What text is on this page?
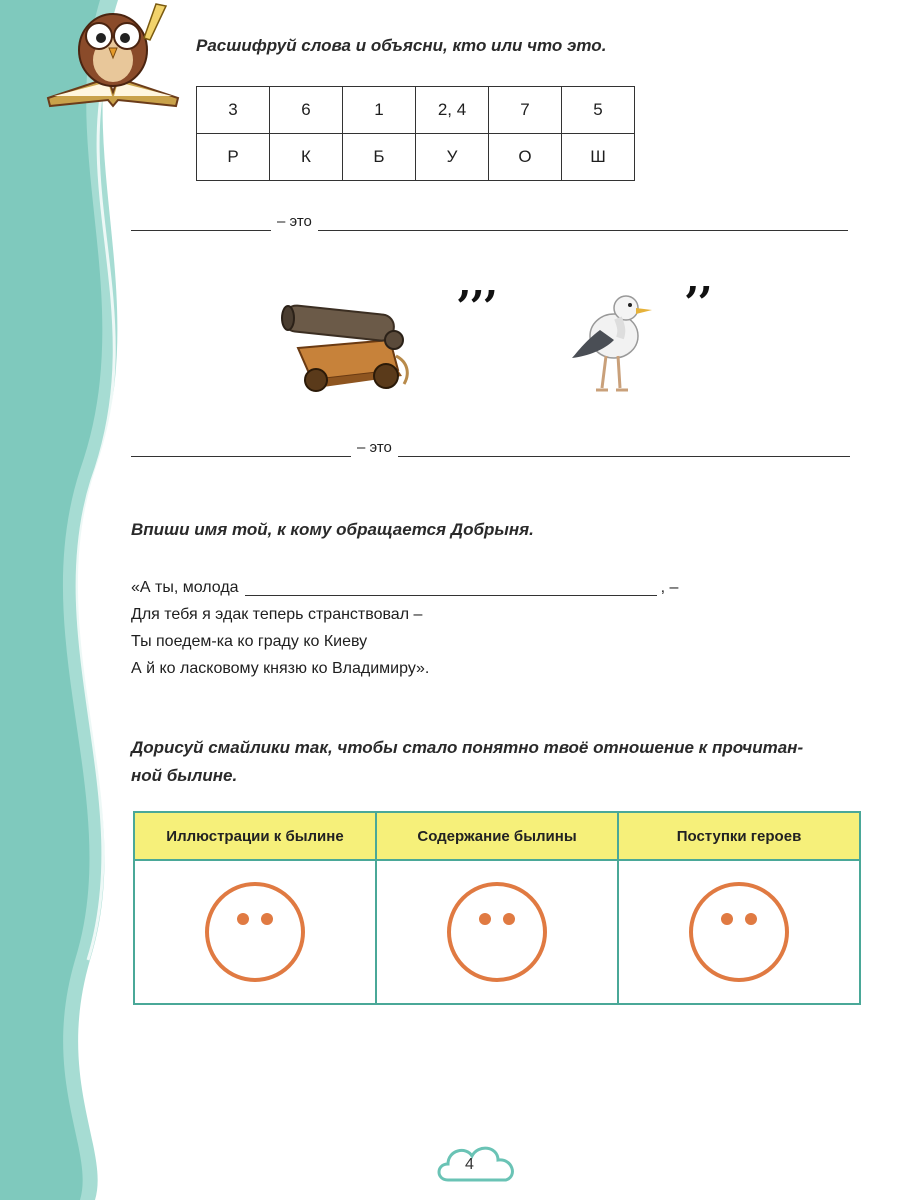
Расшифруй слова и объясни, кто или что это.

3	6	1	2, 4	7	5
Р	К	Б	У	О	Ш
– это
’’’	’’
– это

Впиши имя той, к кому обращается Добрыня.

«А ты, молода	, –
Для тебя я эдак теперь странствовал –
Ты поедем-ка ко граду ко Киеву
А й ко ласковому князю ко Владимиру».

Дорисуй смайлики так, чтобы стало понятно твоё отношение к прочитан-

ной былине.

Иллюстрации к былине	Содержание былины	Поступки героев

4
